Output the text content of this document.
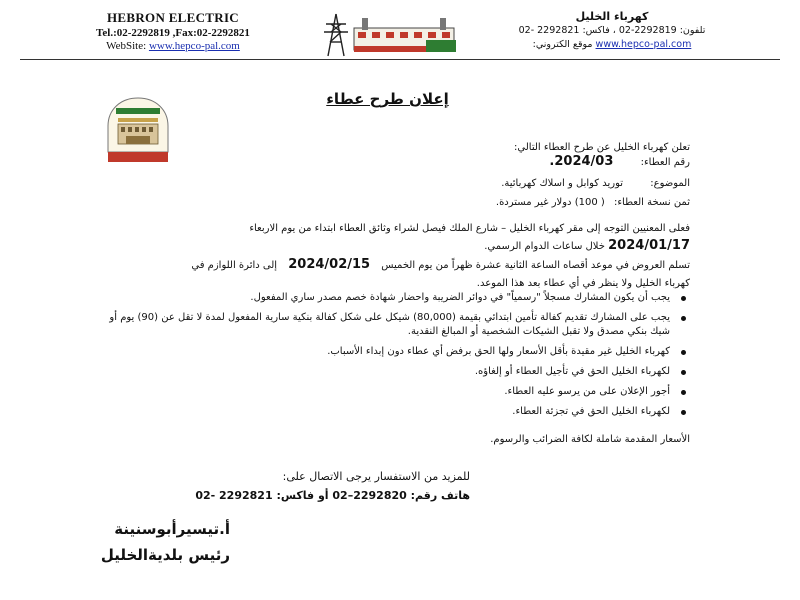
HEBRON ELECTRIC
Tel.:02-2292819 ,Fax:02-2292821
WebSite: www.hepco-pal.com
كهرباء الخليل
تلفون: 2292819-02 ، فاكس: 2292821 -02
www.hepco-pal.com موقع الكتروني:
إعلان طرح عطاء
تعلن كهرباء الخليل عن طرح العطاء التالي:
رقم العطاء: 2024/03.
الموضوع: توريد كوابل و اسلاك كهربائية.
ثمن نسخة العطاء: ( 100) دولار غير مستردة.
فعلى المعنيين التوجه إلى مقر كهرباء الخليل – شارع الملك فيصل لشراء وثائق العطاء ابتداء من يوم الاربعاء
2024/01/17 خلال ساعات الدوام الرسمي.
تسلم العروض في موعد أقصاه الساعة الثانية عشرة ظهراً من يوم الخميس 2024/02/15 إلى دائرة اللوازم في
كهرباء الخليل ولا ينظر في أي عطاء بعد هذا الموعد.
يجب أن يكون المشارك مسجلاً "رسمياً" في دوائر الضريبة واحضار شهادة خصم مصدر ساري المفعول.
يجب على المشارك تقديم كفالة تأمين ابتدائي بقيمة (80,000) شيكل على شكل كفالة بنكية سارية المفعول لمدة لا تقل عن (90) يوم أو شيك بنكي مصدق ولا تقبل الشيكات الشخصية أو المبالغ النقدية.
كهرباء الخليل غير مقيدة بأقل الأسعار ولها الحق برفض أي عطاء دون إبداء الأسباب.
لكهرباء الخليل الحق في تأجيل العطاء أو إلغاؤه.
أجور الإعلان على من يرسو عليه العطاء.
لكهرباء الخليل الحق في تجزئة العطاء.
الأسعار المقدمة شاملة لكافة الضرائب والرسوم.
للمزيد من الاستفسار يرجى الاتصال على:
هاتف رقم: 2292820–02 أو فاكس: 2292821 -02
أ.تيسيرأبوسنينة
رئيس بلديةالخليل
